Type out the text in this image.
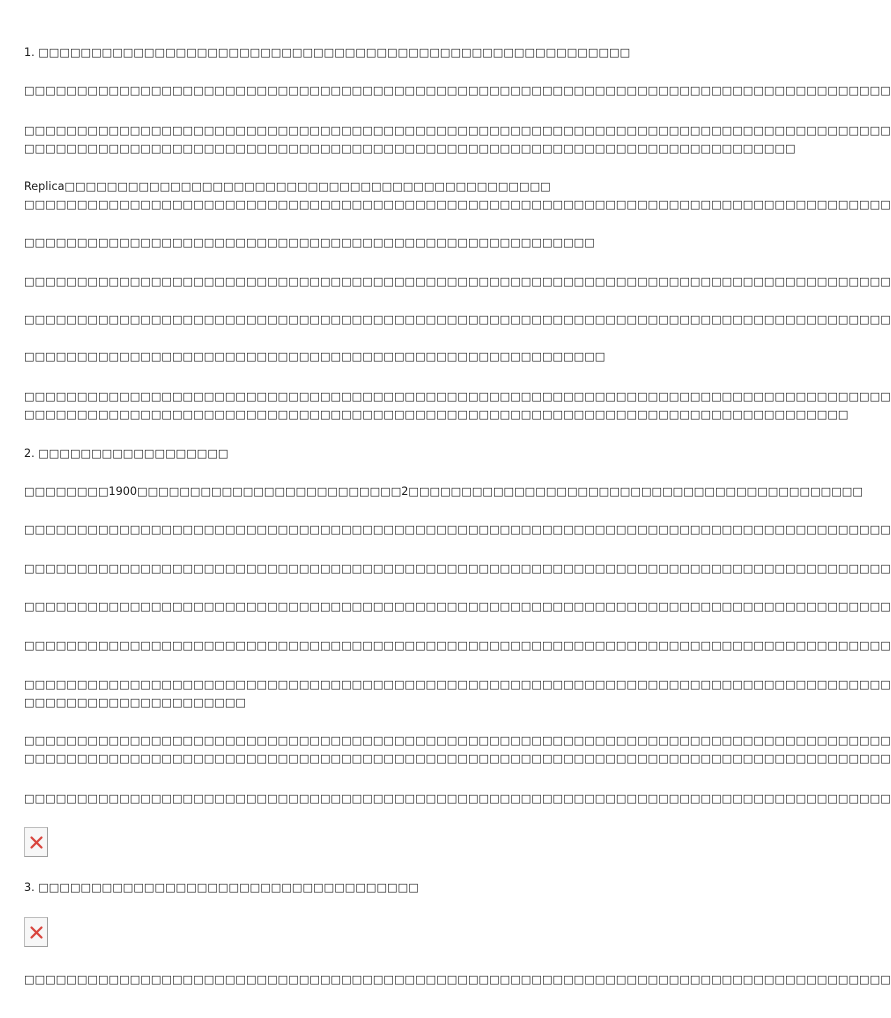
1. □□□□□□□□□□□□□□□□□□□□□□□□□□□□□□□□□□□□□□□□□□□□□□□□□□□□□□□□
□□□□□□□□□□□□□□□□□□□□□□□□□□□□□□□□□□□□□□□□□□□□□□□□□□□□□□□□□□□□□□□□□□□□□□□□□□□□□□□□□□
□□□□□□□□□□□□□□□□□□□□□□□□□□□□□□□□□□□□□□□□□□□□□□□□□□□□□□□□□□□□□□□□□□□□□□□□□□□□□□□□□□
□□□□□□□□□□□□□□□□□□□□□□□□□□□□□□□□□□□□□□□□□□□□□□□□□□□□□□□□□□□□□□□□□□□□□□□□□
Replica□□□□□□□□□□□□□□□□□□□□□□□□□□□□□□□□□□□□□□□□□□□□□□
□□□□□□□□□□□□□□□□□□□□□□□□□□□□□□□□□□□□□□□□□□□□□□□□□□□□□□□□□□□□□□□□□□□□□□□□□□□□□□□□□□
□□□□□□□□□□□□□□□□□□□□□□□□□□□□□□□□□□□□□□□□□□□□□□□□□□□□□□
□□□□□□□□□□□□□□□□□□□□□□□□□□□□□□□□□□□□□□□□□□□□□□□□□□□□□□□□□□□□□□□□□□□□□□□□□□□□□□□□□□
□□□□□□□□□□□□□□□□□□□□□□□□□□□□□□□□□□□□□□□□□□□□□□□□□□□□□□□□□□□□□□□□□□□□□□□□□□□□□□□□□□
□□□□□□□□□□□□□□□□□□□□□□□□□□□□□□□□□□□□□□□□□□□□□□□□□□□□□□□
□□□□□□□□□□□□□□□□□□□□□□□□□□□□□□□□□□□□□□□□□□□□□□□□□□□□□□□□□□□□□□□□□□□□□□□□□□□□□□□□□□
□□□□□□□□□□□□□□□□□□□□□□□□□□□□□□□□□□□□□□□□□□□□□□□□□□□□□□□□□□□□□□□□□□□□□□□□□□□□□□
2. □□□□□□□□□□□□□□□□□□
□□□□□□□□1900□□□□□□□□□□□□□□□□□□□□□□□□□2□□□□□□□□□□□□□□□□□□□□□□□□□□□□□□□□□□□□□□□□□□□
□□□□□□□□□□□□□□□□□□□□□□□□□□□□□□□□□□□□□□□□□□□□□□□□□□□□□□□□□□□□□□□□□□□□□□□□□□□□□□□□□□
□□□□□□□□□□□□□□□□□□□□□□□□□□□□□□□□□□□□□□□□□□□□□□□□□□□□□□□□□□□□□□□□□□□□□□□□□□□□□□□□□□
□□□□□□□□□□□□□□□□□□□□□□□□□□□□□□□□□□□□□□□□□□□□□□□□□□□□□□□□□□□□□□□□□□□□□□□□□□□□□□□□□□
□□□□□□□□□□□□□□□□□□□□□□□□□□□□□□□□□□□□□□□□□□□□□□□□□□□□□□□□□□□□□□□□□□□□□□□□□□□□□□□□□□
□□□□□□□□□□□□□□□□□□□□□□□□□□□□□□□□□□□□□□□□□□□□□□□□□□□□□□□□□□□□□□□□□□□□□□□□□□□□□□□□□□
□□□□□□□□□□□□□□□□□□□□□
□□□□□□□□□□□□□□□□□□□□□□□□□□□□□□□□□□□□□□□□□□□□□□□□□□□□□□□□□□□□□□□□□□□□□□□□□□□□□□□□□□
□□□□□□□□□□□□□□□□□□□□□□□□□□□□□□□□□□□□□□□□□□□□□□□□□□□□□□□□□□□□□□□□□□□□□□□□□□□□□□□□□□
□□□□□□□□□□□□□□□□□□□□□□□□□□□□□□□□□□□□□□□□□□□□□□□□□□□□□□□□□□□□□□□□□□□□□□□□□□□□□□□□□□
3. □□□□□□□□□□□□□□□□□□□□□□□□□□□□□□□□□□□□
□□□□□□□□□□□□□□□□□□□□□□□□□□□□□□□□□□□□□□□□□□□□□□□□□□□□□□□□□□□□□□□□□□□□□□□□□□□□□□□□□□
